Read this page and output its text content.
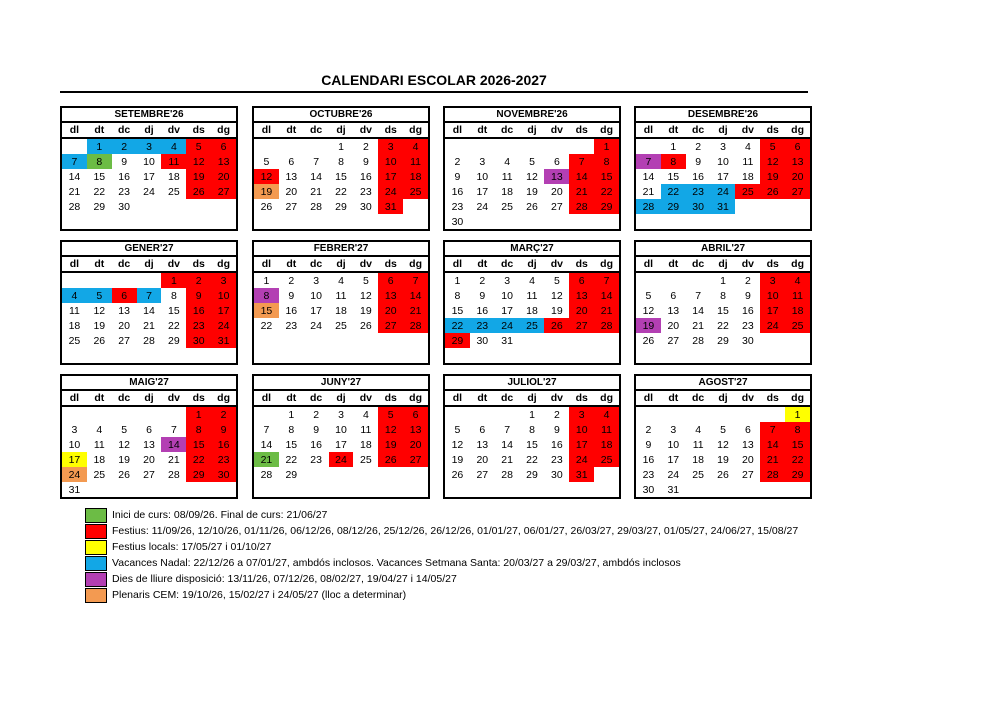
CALENDARI ESCOLAR 2026-2027
SETEMBRE'26
dl	dt	dc	dj	dv	ds	dg
	1	2	3	4	5	6
7	8	9	10	11	12	13
14	15	16	17	18	19	20
21	22	23	24	25	26	27
28	29	30				

OCTUBRE'26
dl	dt	dc	dj	dv	ds	dg
			1	2	3	4
5	6	7	8	9	10	11
12	13	14	15	16	17	18
19	20	21	22	23	24	25
26	27	28	29	30	31	

NOVEMBRE'26
dl	dt	dc	dj	dv	ds	dg
						1
2	3	4	5	6	7	8
9	10	11	12	13	14	15
16	17	18	19	20	21	22
23	24	25	26	27	28	29
30						
DESEMBRE'26
dl	dt	dc	dj	dv	ds	dg
	1	2	3	4	5	6
7	8	9	10	11	12	13
14	15	16	17	18	19	20
21	22	23	24	25	26	27
28	29	30	31			

GENER'27
dl	dt	dc	dj	dv	ds	dg
				1	2	3
4	5	6	7	8	9	10
11	12	13	14	15	16	17
18	19	20	21	22	23	24
25	26	27	28	29	30	31

FEBRER'27
dl	dt	dc	dj	dv	ds	dg
1	2	3	4	5	6	7
8	9	10	11	12	13	14
15	16	17	18	19	20	21
22	23	24	25	26	27	28

MARÇ'27
dl	dt	dc	dj	dv	ds	dg
1	2	3	4	5	6	7
8	9	10	11	12	13	14
15	16	17	18	19	20	21
22	23	24	25	26	27	28
29	30	31				

ABRIL'27
dl	dt	dc	dj	dv	ds	dg
			1	2	3	4
5	6	7	8	9	10	11
12	13	14	15	16	17	18
19	20	21	22	23	24	25
26	27	28	29	30		

MAIG'27
dl	dt	dc	dj	dv	ds	dg
					1	2
3	4	5	6	7	8	9
10	11	12	13	14	15	16
17	18	19	20	21	22	23
24	25	26	27	28	29	30
31						
JUNY'27
dl	dt	dc	dj	dv	ds	dg
	1	2	3	4	5	6
7	8	9	10	11	12	13
14	15	16	17	18	19	20
21	22	23	24	25	26	27
28	29					

JULIOL'27
dl	dt	dc	dj	dv	ds	dg
			1	2	3	4
5	6	7	8	9	10	11
12	13	14	15	16	17	18
19	20	21	22	23	24	25
26	27	28	29	30	31	

AGOST'27
dl	dt	dc	dj	dv	ds	dg
						1
2	3	4	5	6	7	8
9	10	11	12	13	14	15
16	17	18	19	20	21	22
23	24	25	26	27	28	29
30	31					
Inici de curs: 08/09/26. Final de curs: 21/06/27
Festius: 11/09/26, 12/10/26, 01/11/26, 06/12/26, 08/12/26, 25/12/26, 26/12/26, 01/01/27, 06/01/27, 26/03/27, 29/03/27, 01/05/27, 24/06/27, 15/08/27
Festius locals: 17/05/27 i 01/10/27
Vacances Nadal: 22/12/26 a 07/01/27, ambdós inclosos. Vacances Setmana Santa: 20/03/27 a 29/03/27, ambdós inclosos
Dies de lliure disposició: 13/11/26, 07/12/26, 08/02/27, 19/04/27 i 14/05/27
Plenaris CEM: 19/10/26, 15/02/27 i 24/05/27 (lloc a determinar)
